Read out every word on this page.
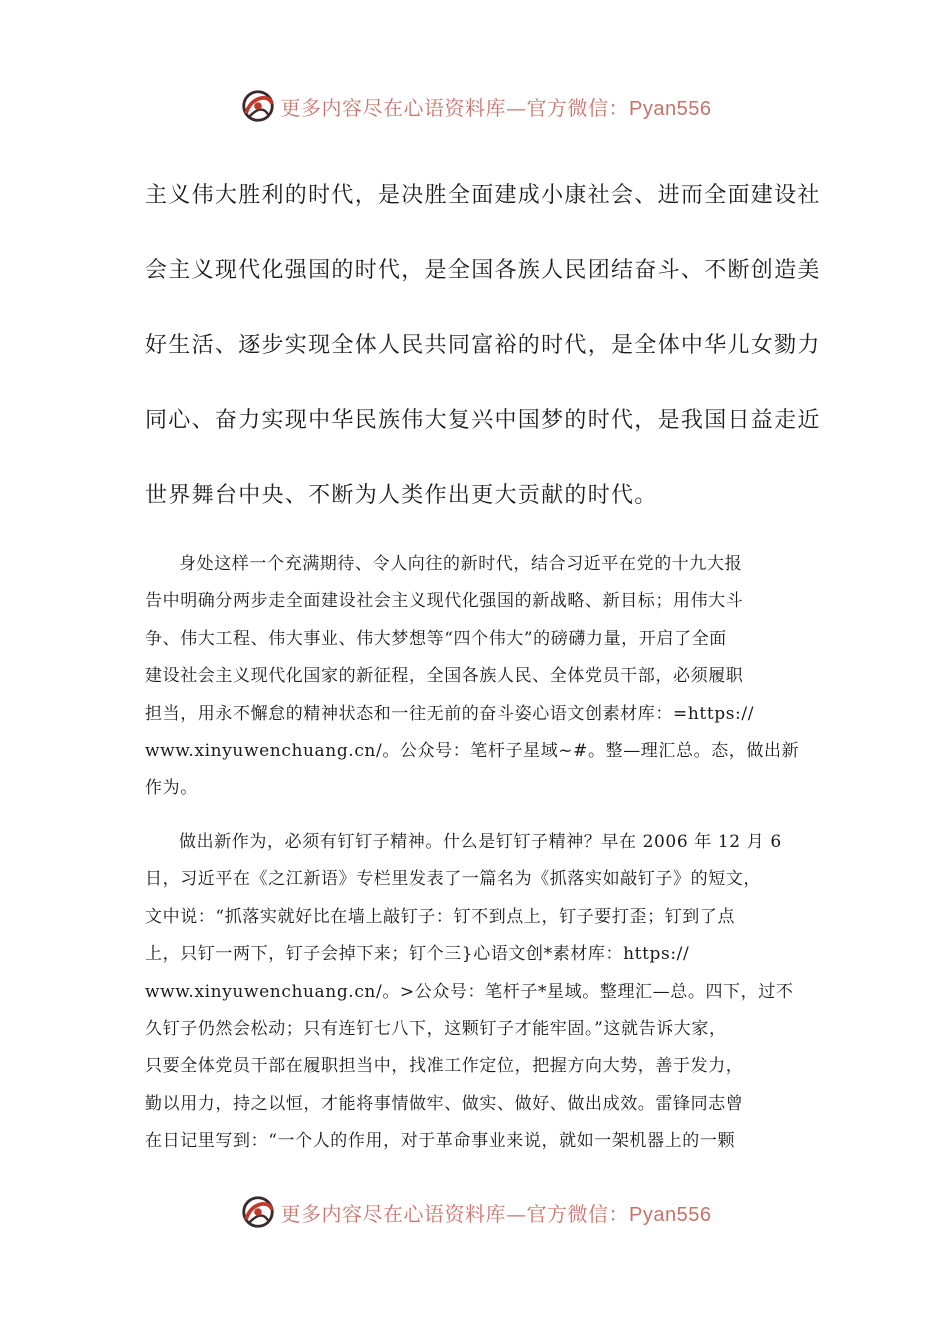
更多内容尽在心语资料库—官方微信：Pyan556
主义伟大胜利的时代，是决胜全面建成小康社会、进而全面建设社
会主义现代化强国的时代，是全国各族人民团结奋斗、不断创造美
好生活、逐步实现全体人民共同富裕的时代，是全体中华儿女勠力
同心、奋力实现中华民族伟大复兴中国梦的时代，是我国日益走近
世界舞台中央、不断为人类作出更大贡献的时代。
身处这样一个充满期待、令人向往的新时代，结合习近平在党的十九大报
告中明确分两步走全面建设社会主义现代化强国的新战略、新目标；用伟大斗
争、伟大工程、伟大事业、伟大梦想等“四个伟大”的磅礴力量，开启了全面
建设社会主义现代化国家的新征程，全国各族人民、全体党员干部，必须履职
担当，用永不懈怠的精神状态和一往无前的奋斗姿心语文创素材库：=https://
www.xinyuwenchuang.cn/。公众号：笔杆子星域~#。整—理汇总。态，做出新
作为。
做出新作为，必须有钉钉子精神。什么是钉钉子精神？早在 2006 年 12 月 6
日，习近平在《之江新语》专栏里发表了一篇名为《抓落实如敲钉子》的短文，
文中说：“抓落实就好比在墙上敲钉子：钉不到点上，钉子要打歪；钉到了点
上，只钉一两下，钉子会掉下来；钉个三}心语文创*素材库：https://
www.xinyuwenchuang.cn/。>公众号：笔杆子*星域。整理汇—总。四下，过不
久钉子仍然会松动；只有连钉七八下，这颗钉子才能牢固。”这就告诉大家，
只要全体党员干部在履职担当中，找准工作定位，把握方向大势，善于发力，
勤以用力，持之以恒，才能将事情做牢、做实、做好、做出成效。雷锋同志曾
在日记里写到：“一个人的作用，对于革命事业来说，就如一架机器上的一颗
更多内容尽在心语资料库—官方微信：Pyan556
